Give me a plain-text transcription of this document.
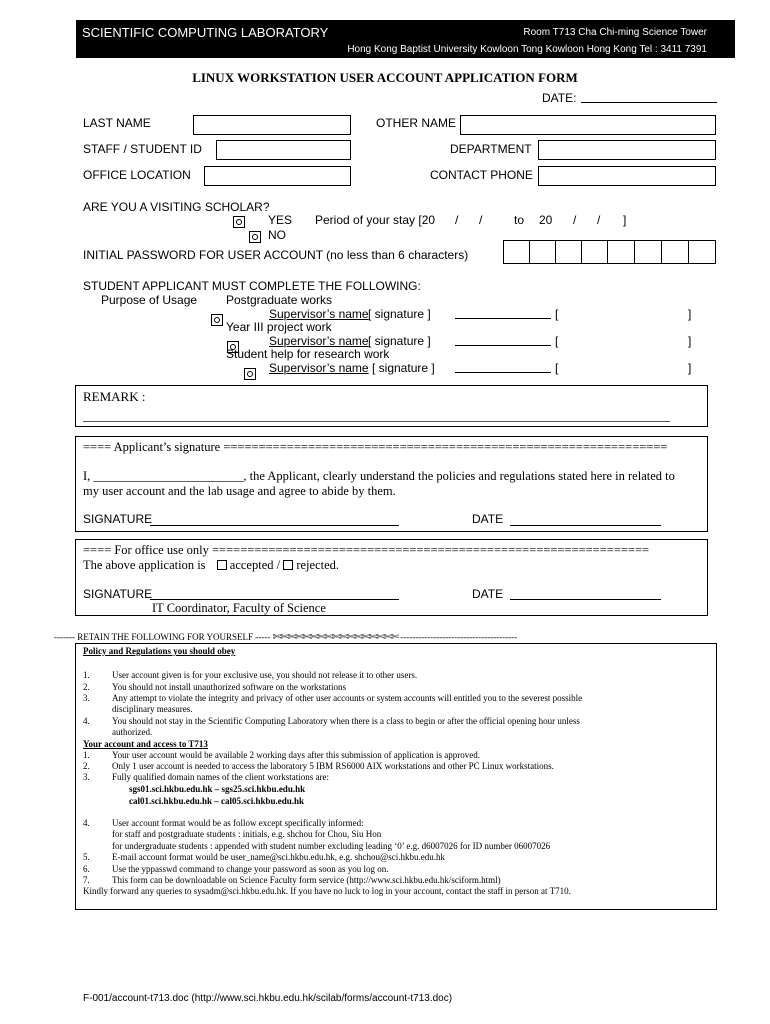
SCIENTIFIC COMPUTING LABORATORY	Room T713 Cha Chi-ming Science Tower
Hong Kong Baptist University Kowloon Tong Kowloon Hong Kong Tel : 3411 7391
LINUX WORKSTATION USER ACCOUNT APPLICATION FORM
DATE:
LAST NAME	OTHER NAME
STAFF / STUDENT ID	DEPARTMENT
OFFICE LOCATION	CONTACT PHONE
ARE YOU A VISITING SCHOLAR?

YES
NO
Period of your stay [20 / /	to 20 / / ]
INITIAL PASSWORD FOR USER ACCOUNT (no less than 6 characters)
STUDENT APPLICANT MUST COMPLETE THE FOLLOWING:
Purpose of Usage
Postgraduate works
Supervisor’s name [ signature ]	[	]

Year III project work
Supervisor’s name [ signature ]	[	]
Student help for research work
Supervisor’s name [ signature ]	[	]
REMARK :
==== Applicant’s signature ===============================================================
I, ________________________, the Applicant, clearly understand the policies and regulations stated here in related to
my user account and the lab usage and agree to abide by them.
SIGNATURE	DATE
==== For office use only ==============================================================
The above application is accepted / rejected.
SIGNATURE	DATE
IT Coordinator, Faculty of Science
------- RETAIN THE FOLLOWING FOR YOURSELF ----- ✄✄✄✄✄✄✄✄✄✄✄✄✄✄✄✄✄ ---------------------------------------
Policy and Regulations you should obey
1. User account given is for your exclusive use, you should not release it to other users.
2. You should not install unauthorized software on the workstations
3. Any attempt to violate the integrity and privacy of other user accounts or system accounts will entitled you to the severest possible
disciplinary measures.
4. You should not stay in the Scientific Computing Laboratory when there is a class to begin or after the official opening hour unless
authorized.
Your account and access to T713
1. Your user account would be available 2 working days after this submission of application is approved.
2. Only 1 user account is needed to access the laboratory 5 IBM RS6000 AIX workstations and other PC Linux workstations.
3. Fully qualified domain names of the client workstations are:
sgs01.sci.hkbu.edu.hk – sgs25.sci.hkbu.edu.hk
cal01.sci.hkbu.edu.hk – cal05.sci.hkbu.edu.hk
4. User account format would be as follow except specifically informed:
for staff and postgraduate students : initials, e.g. shchou for Chou, Siu Hon
for undergraduate students : appended with student number excluding leading ‘0’ e.g. d6007026 for ID number 06007026
5. E-mail account format would be user_name@sci.hkbu.edu.hk, e.g. shchou@sci.hkbu.edu.hk
6. Use the yppasswd command to change your password as soon as you log on.
7. This form can be downloadable on Science Faculty form service (http://www.sci.hkbu.edu.hk/sciform.html)
Kindly forward any queries to sysadm@sci.hkbu.edu.hk. If you have no luck to log in your account, contact the staff in person at T710.
F-001/account-t713.doc (http://www.sci.hkbu.edu.hk/scilab/forms/account-t713.doc)
